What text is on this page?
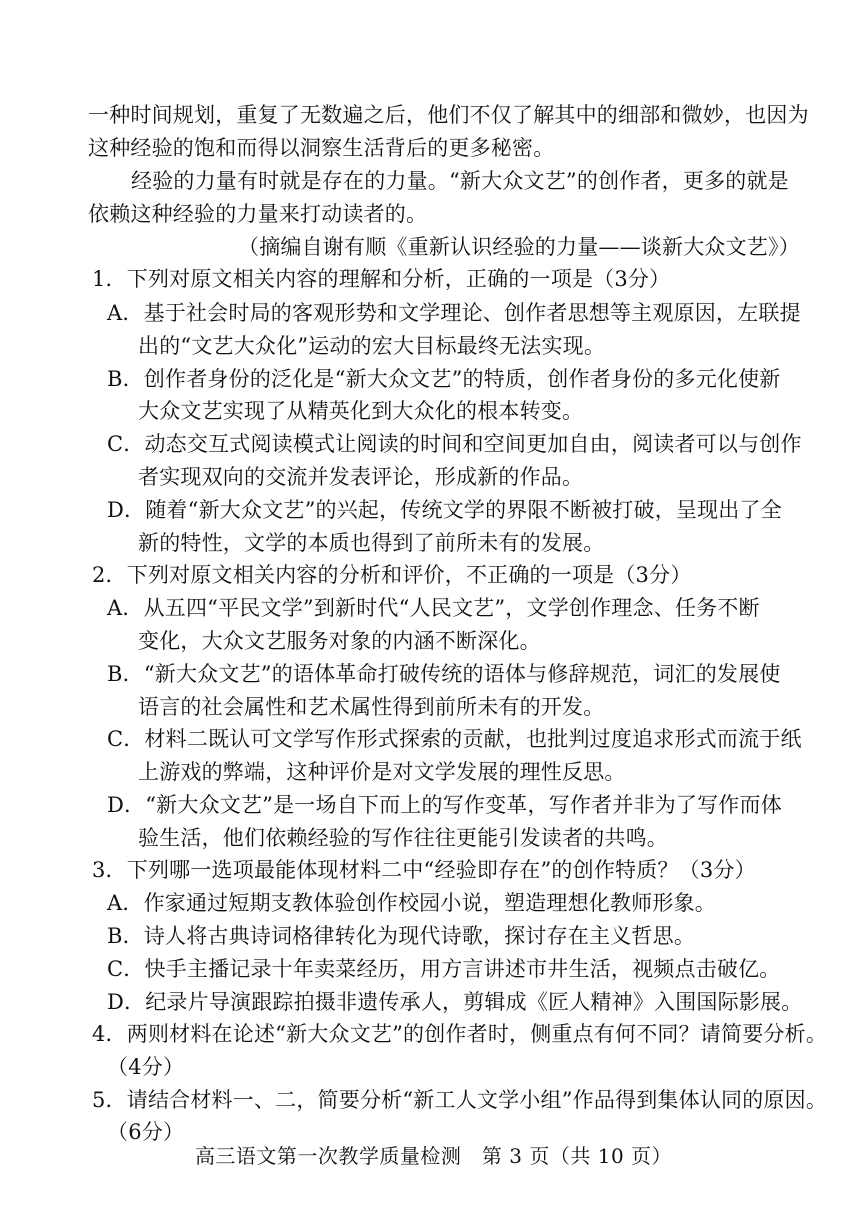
一种时间规划，重复了无数遍之后，他们不仅了解其中的细部和微妙，也因为
这种经验的饱和而得以洞察生活背后的更多秘密。
经验的力量有时就是存在的力量。“新大众文艺”的创作者，更多的就是
依赖这种经验的力量来打动读者的。
（摘编自谢有顺《重新认识经验的力量——谈新大众文艺》）
1．下列对原文相关内容的理解和分析，正确的一项是（3分）
A．基于社会时局的客观形势和文学理论、创作者思想等主观原因，左联提
出的“文艺大众化”运动的宏大目标最终无法实现。
B．创作者身份的泛化是“新大众文艺”的特质，创作者身份的多元化使新
大众文艺实现了从精英化到大众化的根本转变。
C．动态交互式阅读模式让阅读的时间和空间更加自由，阅读者可以与创作
者实现双向的交流并发表评论，形成新的作品。
D．随着“新大众文艺”的兴起，传统文学的界限不断被打破，呈现出了全
新的特性，文学的本质也得到了前所未有的发展。
2．下列对原文相关内容的分析和评价，不正确的一项是（3分）
A．从五四“平民文学”到新时代“人民文艺”，文学创作理念、任务不断
变化，大众文艺服务对象的内涵不断深化。
B．“新大众文艺”的语体革命打破传统的语体与修辞规范，词汇的发展使
语言的社会属性和艺术属性得到前所未有的开发。
C．材料二既认可文学写作形式探索的贡献，也批判过度追求形式而流于纸
上游戏的弊端，这种评价是对文学发展的理性反思。
D．“新大众文艺”是一场自下而上的写作变革，写作者并非为了写作而体
验生活，他们依赖经验的写作往往更能引发读者的共鸣。
3．下列哪一选项最能体现材料二中“经验即存在”的创作特质？（3分）
A．作家通过短期支教体验创作校园小说，塑造理想化教师形象。
B．诗人将古典诗词格律转化为现代诗歌，探讨存在主义哲思。
C．快手主播记录十年卖菜经历，用方言讲述市井生活，视频点击破亿。
D．纪录片导演跟踪拍摄非遗传承人，剪辑成《匠人精神》入围国际影展。
4．两则材料在论述“新大众文艺”的创作者时，侧重点有何不同？请简要分析。
（4分）
5．请结合材料一、二，简要分析“新工人文学小组”作品得到集体认同的原因。
（6分）
高三语文第一次教学质量检测　第 3 页（共 10 页）
